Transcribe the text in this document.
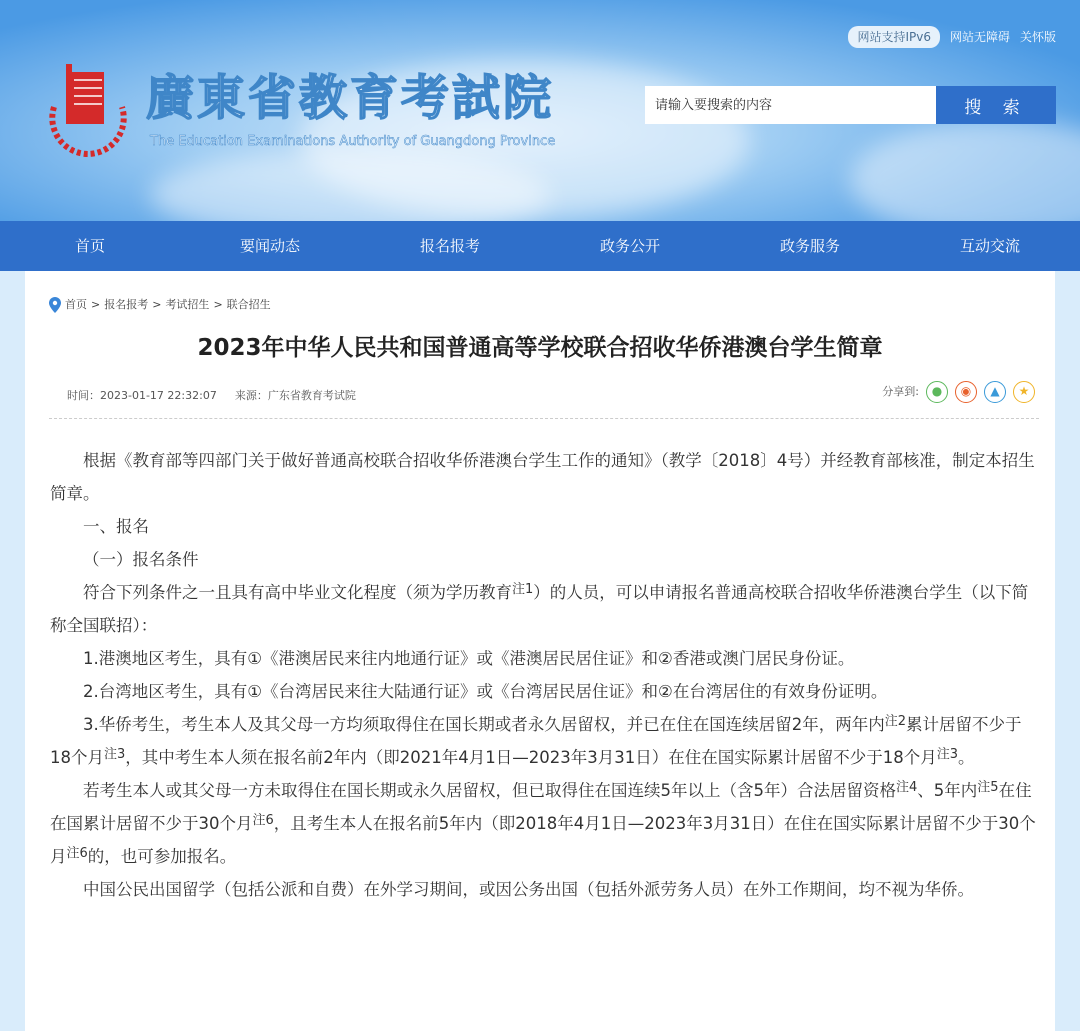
网站支持IPv6	网站无障碍 关怀版
廣東省教育考試院
The Education Examinations Authority of Guangdong Province
请输入要搜索的内容
搜 索
首页	要闻动态	报名报考	政务公开	政务服务	互动交流
首页 > 报名报考 > 考试招生 > 联合招生
2023年中华人民共和国普通高等学校联合招收华侨港澳台学生简章
时间：2023-01-17 22:32:07 来源：广东省教育考试院	分享到:	●	◉	▲	★

根据《教育部等四部门关于做好普通高校联合招收华侨港澳台学生工作的通知》（教学〔2018〕4号）并经教育部核准，制定本招生简章。

一、报名

（一）报名条件

符合下列条件之一且具有高中毕业文化程度（须为学历教育$^{注1}$）的人员，可以申请报名普通高校联合招收华侨港澳台学生（以下简称全国联招）：

1.港澳地区考生，具有①《港澳居民来往内地通行证》或《港澳居民居住证》和②香港或澳门居民身份证。

2.台湾地区考生，具有①《台湾居民来往大陆通行证》或《台湾居民居住证》和②在台湾居住的有效身份证明。

3.华侨考生，考生本人及其父母一方均须取得住在国长期或者永久居留权，并已在住在国连续居留2年，两年内$^{注2}$累计居留不少于18个月$^{注3}$，其中考生本人须在报名前2年内（即2021年4月1日—2023年3月31日）在住在国实际累计居留不少于18个月$^{注3}$。

若考生本人或其父母一方未取得住在国长期或永久居留权，但已取得住在国连续5年以上（含5年）合法居留资格$^{注4}$、5年内$^{注5}$在住在国累计居留不少于30个月$^{注6}$，且考生本人在报名前5年内（即2018年4月1日—2023年3月31日）在住在国实际累计居留不少于30个月$^{注6}$的，也可参加报名。

中国公民出国留学（包括公派和自费）在外学习期间，或因公务出国（包括外派劳务人员）在外工作期间，均不视为华侨。
